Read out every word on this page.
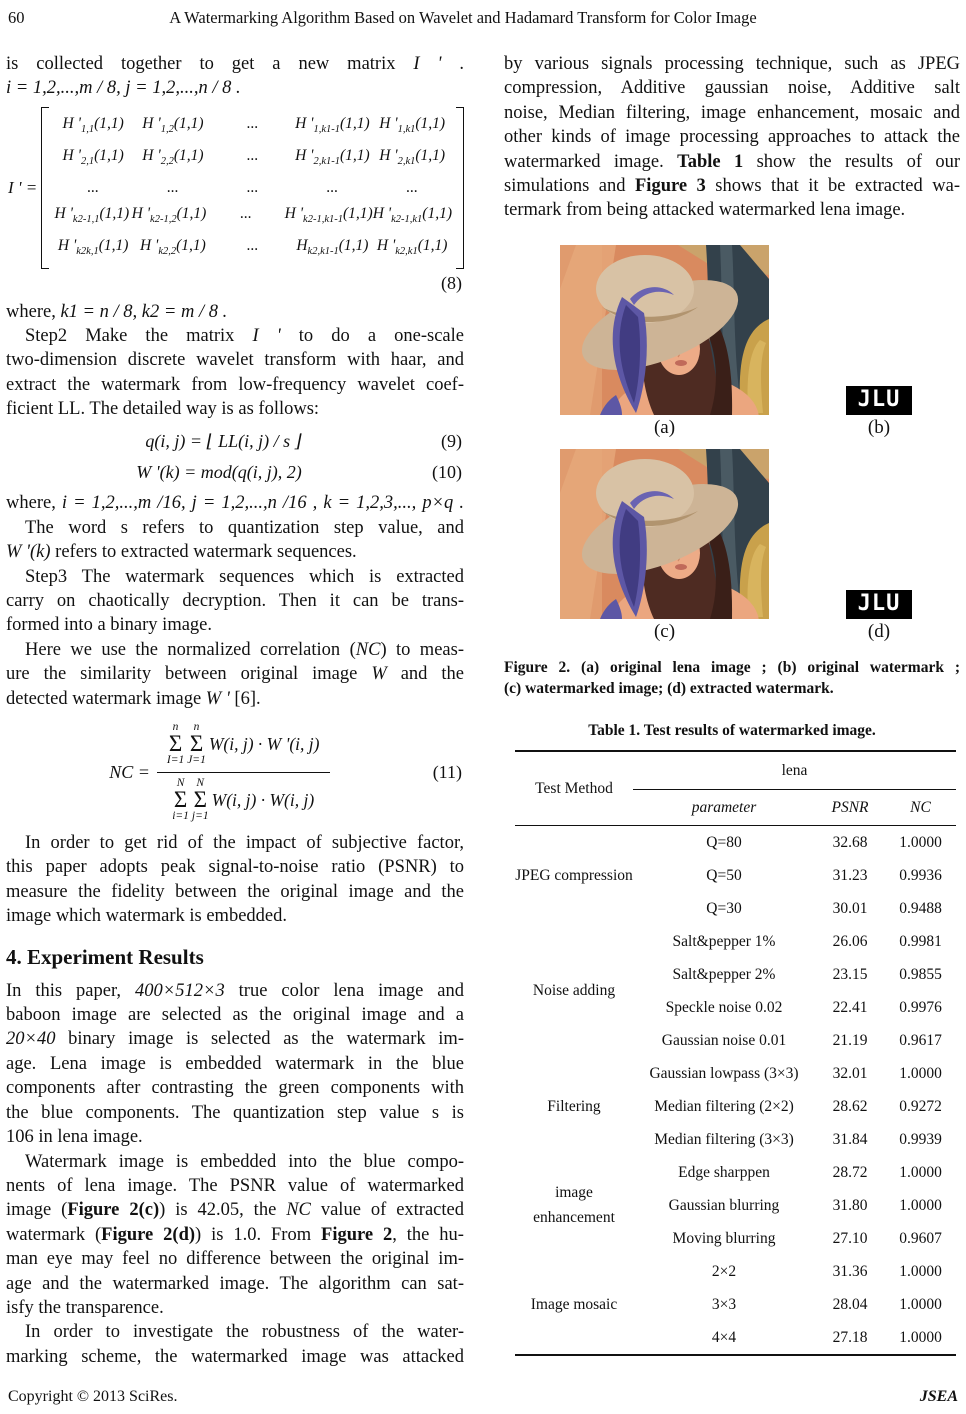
60	A Watermarking Algorithm Based on Wavelet and Hadamard Transform for Color Image
is collected together to get a new matrix I ' .
i = 1,2,...,m / 8, j = 1,2,...,n / 8 .
I ' =
H '$_{1,1}(1,1)$	H '$_{1,2}(1,1)$	...	H '$_{1,k1-1}(1,1)$ H '$_{1,k1}(1,1)$
H '$_{2,1}(1,1)$	H '$_{2,2}(1,1)$	...	H '$_{2,k1-1}(1,1)$ H '$_{2,k1}(1,1)$
...	...	...	...	...
H '$_{k2-1,1}(1,1)$ H '$_{k2-1,2}(1,1)$	...	H '$_{k2-1,k1-1}(1,1)$ H '$_{k2-1,k1}(1,1)$
H '$_{k2k,1}(1,1)$ H '$_{k2,2}(1,1)$	...	$H_{k2,k1-1}(1,1)$ H '$_{k2,k1}(1,1)$
(8)
where, k1 = n / 8, k2 = m / 8 .
Step2 Make the matrix I ' to do a one-scale
two-dimension discrete wavelet transform with haar, and
extract the watermark from low-frequency wavelet coef-
ficient LL. The detailed way is as follows:
q(i, j) = ⌊ LL(i, j) / s ⌋	(9)
W '(k) = mod(q(i, j), 2)	(10)
where, i = 1,2,...,m /16, j = 1,2,...,n /16 , k = 1,2,3,..., p×q .
The word s refers to quantization step value, and
W '(k) refers to extracted watermark sequences.
Step3 The watermark sequences which is extracted
carry on chaotically decryption. Then it can be trans-
formed into a binary image.
Here we use the normalized correlation (NC) to meas-
ure the similarity between original image W and the
detected watermark image W ' [6].
NC = n
Σ
I=1
n
Σ
J=1
W(i, j) · W '(i, j)
N
Σ
i=1
N
Σ
j=1
W(i, j) · W(i, j)	(11)
In order to get rid of the impact of subjective factor,
this paper adopts peak signal-to-noise ratio (PSNR) to
measure the fidelity between the original image and the
image which watermark is embedded.
4. Experiment Results
In this paper, 400×512×3 true color lena image and
baboon image are selected as the original image and a
20×40 binary image is selected as the watermark im-
age. Lena image is embedded watermark in the blue
components after contrasting the green components with
the blue components. The quantization step value s is
106 in lena image.
Watermark image is embedded into the blue compo-
nents of lena image. The PSNR value of watermarked
image (Figure 2(c)) is 42.05, the NC value of extracted
watermark (Figure 2(d)) is 1.0. From Figure 2, the hu-
man eye may feel no difference between the original im-
age and the watermarked image. The algorithm can sat-
isfy the transparence.
In order to investigate the robustness of the water-
marking scheme, the watermarked image was attacked
by various signals processing technique, such as JPEG
compression, Additive gaussian noise, Additive salt
noise, Median filtering, image enhancement, mosaic and
other kinds of image processing approaches to attack the
watermarked image. Table 1 show the results of our
simulations and Figure 3 shows that it be extracted wa-
termark from being attacked watermarked lena image.
(a)
JLU
(b)
(c)
JLU
(d)
Figure 2. (a) original lena image ; (b) original watermark ;
(c) watermarked image; (d) extracted watermark.
Table 1. Test results of watermarked image.
Test Method	lena		
	parameter	PSNR	NC
JPEG compression	Q=80	32.68	1.0000
	Q=50	31.23	0.9936
	Q=30	30.01	0.9488
Noise adding	Salt&pepper 1%	26.06	0.9981
	Salt&pepper 2%	23.15	0.9855
	Speckle noise 0.02	22.41	0.9976
	Gaussian noise 0.01	21.19	0.9617
Filtering	Gaussian lowpass (3×3)	32.01	1.0000
	Median filtering (2×2)	28.62	0.9272
	Median filtering (3×3)	31.84	0.9939
image enhancement	Edge sharppen	28.72	1.0000
	Gaussian blurring	31.80	1.0000
	Moving blurring	27.10	0.9607
Image mosaic	2×2	31.36	1.0000
	3×3	28.04	1.0000
	4×4	27.18	1.0000
Copyright © 2013 SciRes.	JSEA
